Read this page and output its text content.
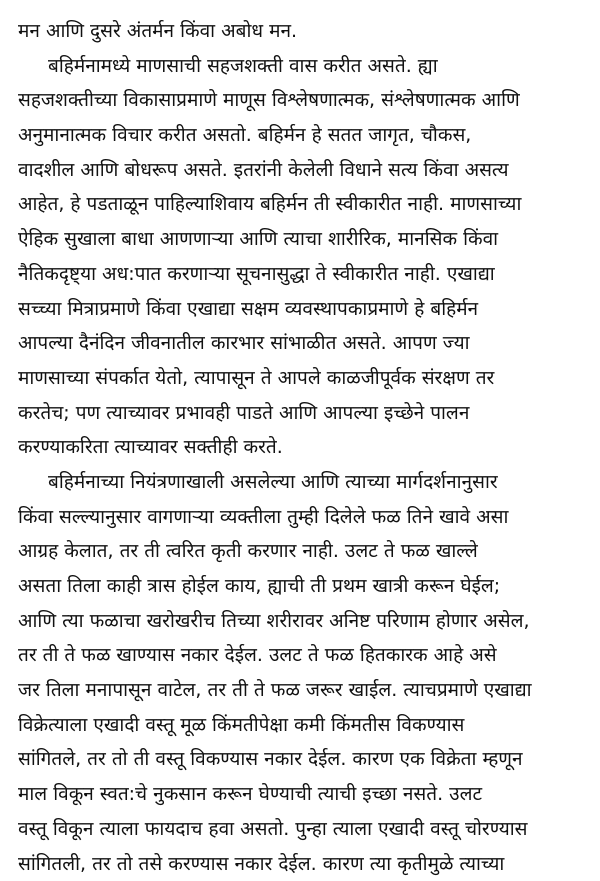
मन आणि दुसरे अंतर्मन किंवा अबोध मन.
बहिर्मनामध्ये माणसाची सहजशक्ती वास करीत असते. ह्या
सहजशक्तीच्या विकासाप्रमाणे माणूस विश्लेषणात्मक, संश्लेषणात्मक आणि
अनुमानात्मक विचार करीत असतो. बहिर्मन हे सतत जागृत, चौकस,
वादशील आणि बोधरूप असते. इतरांनी केलेली विधाने सत्य किंवा असत्य
आहेत, हे पडताळून पाहिल्याशिवाय बहिर्मन ती स्वीकारीत नाही. माणसाच्या
ऐहिक सुखाला बाधा आणणाऱ्या आणि त्याचा शारीरिक, मानसिक किंवा
नैतिकदृष्ट्या अध:पात करणाऱ्या सूचनासुद्धा ते स्वीकारीत नाही. एखाद्या
सच्च्या मित्राप्रमाणे किंवा एखाद्या सक्षम व्यवस्थापकाप्रमाणे हे बहिर्मन
आपल्या दैनंदिन जीवनातील कारभार सांभाळीत असते. आपण ज्या
माणसाच्या संपर्कात येतो, त्यापासून ते आपले काळजीपूर्वक संरक्षण तर
करतेच; पण त्याच्यावर प्रभावही पाडते आणि आपल्या इच्छेने पालन
करण्याकरिता त्याच्यावर सक्तीही करते.
बहिर्मनाच्या नियंत्रणाखाली असलेल्या आणि त्याच्या मार्गदर्शनानुसार
किंवा सल्ल्यानुसार वागणाऱ्या व्यक्तीला तुम्ही दिलेले फळ तिने खावे असा
आग्रह केलात, तर ती त्वरित कृती करणार नाही. उलट ते फळ खाल्ले
असता तिला काही त्रास होईल काय, ह्याची ती प्रथम खात्री करून घेईल;
आणि त्या फळाचा खरोखरीच तिच्या शरीरावर अनिष्ट परिणाम होणार असेल,
तर ती ते फळ खाण्यास नकार देईल. उलट ते फळ हितकारक आहे असे
जर तिला मनापासून वाटेल, तर ती ते फळ जरूर खाईल. त्याचप्रमाणे एखाद्या
विक्रेत्याला एखादी वस्तू मूळ किंमतीपेक्षा कमी किंमतीस विकण्यास
सांगितले, तर तो ती वस्तू विकण्यास नकार देईल. कारण एक विक्रेता म्हणून
माल विकून स्वत:चे नुकसान करून घेण्याची त्याची इच्छा नसते. उलट
वस्तू विकून त्याला फायदाच हवा असतो. पुन्हा त्याला एखादी वस्तू चोरण्यास
सांगितली, तर तो तसे करण्यास नकार देईल. कारण त्या कृतीमुळे त्याच्या
